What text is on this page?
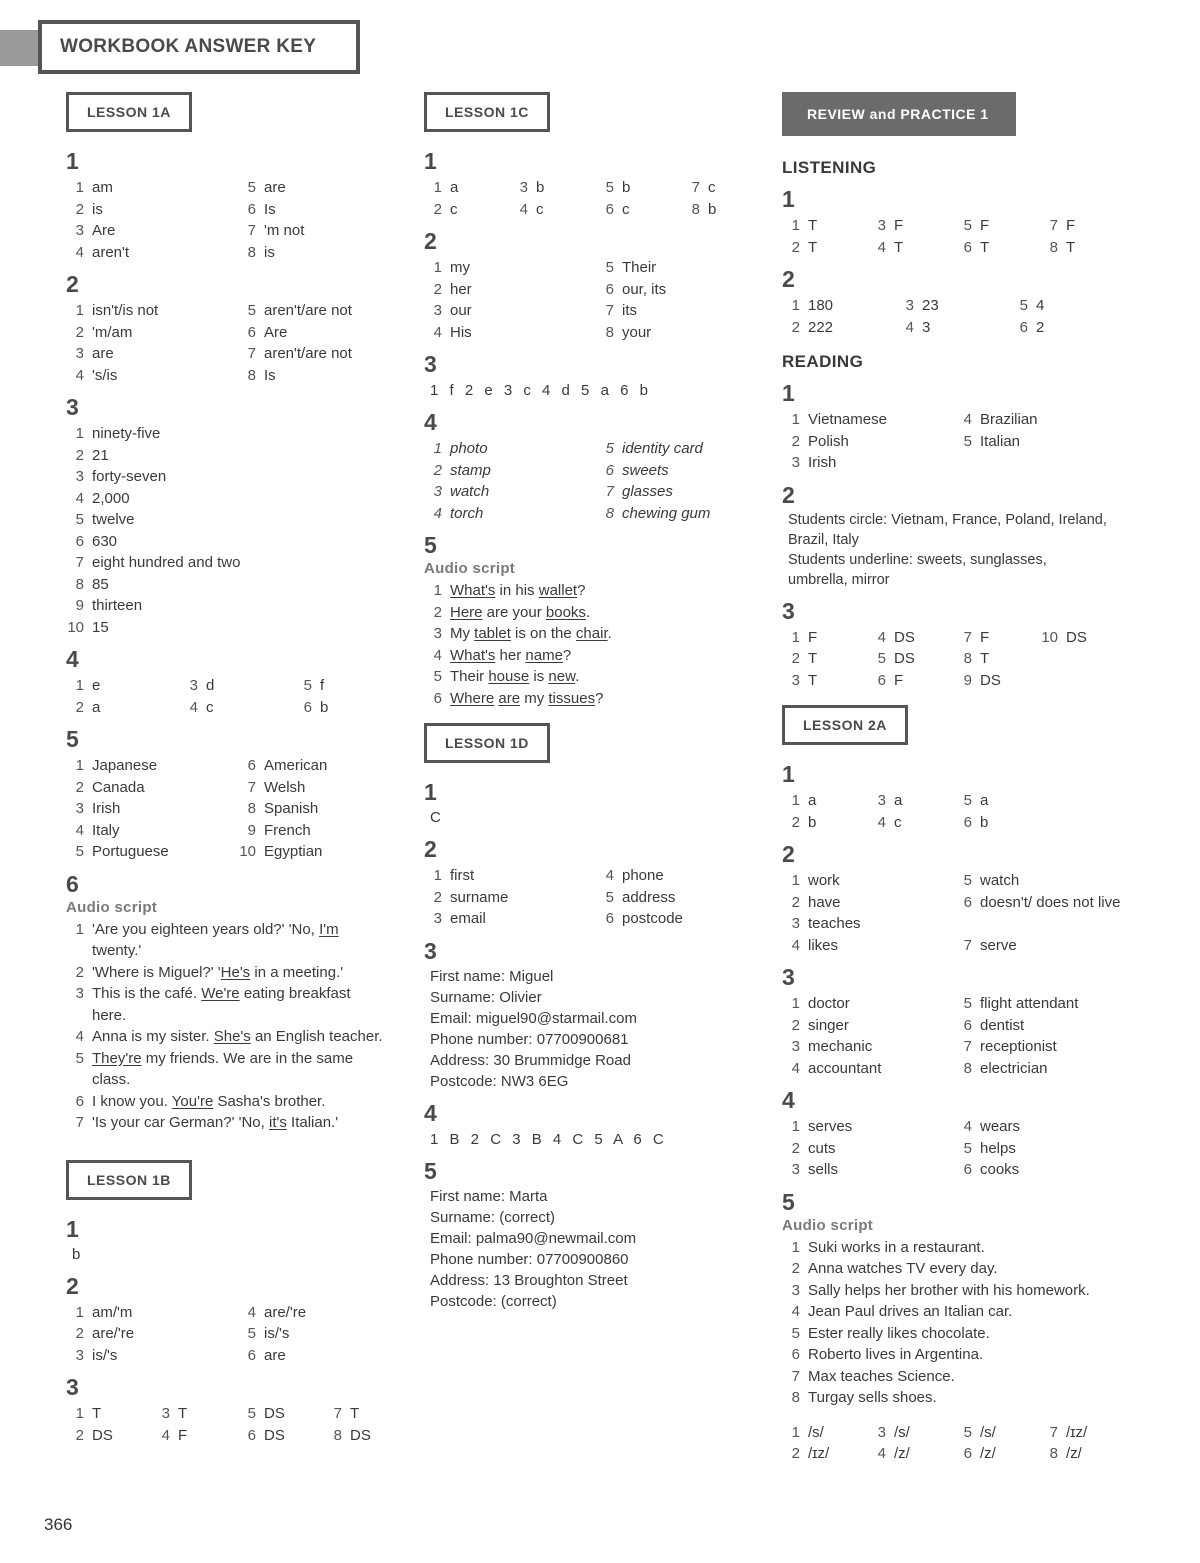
WORKBOOK ANSWER KEY
LESSON 1A
1
1 am	5 are
2 is	6 Is
3 Are	7 'm not
4 aren't	8 is
2
1 isn't/is not	5 aren't/are not
2 'm/am	6 Are
3 are	7 aren't/are not
4 's/is	8 Is
3
1 ninety-five
2 21
3 forty-seven
4 2,000
5 twelve
6 630
7 eight hundred and two
8 85
9 thirteen
10 15
4
1 e	3 d	5 f
2 a	4 c	6 b
5
1 Japanese	6 American
2 Canada	7 Welsh
3 Irish	8 Spanish
4 Italy	9 French
5 Portuguese	10 Egyptian
6
Audio script
1 'Are you eighteen years old?' 'No, I'm twenty.'
2 'Where is Miguel?' 'He's in a meeting.'
3 This is the café. We're eating breakfast here.
4 Anna is my sister. She's an English teacher.
5 They're my friends. We are in the same class.
6 I know you. You're Sasha's brother.
7 'Is your car German?' 'No, it's Italian.'
LESSON 1B
1
b
2
1 am/'m	4 are/'re
2 are/'re	5 is/'s
3 is/'s	6 are
3
1 T	3 T	5 DS	7 T
2 DS	4 F	6 DS	8 DS
LESSON 1C
1
1 a	3 b	5 b	7 c
2 c	4 c	6 c	8 b
2
1 my	5 Their
2 her	6 our, its
3 our	7 its
4 His	8 your
3
1 f 2 e 3 c 4 d 5 a 6 b
4
1 photo	5 identity card
2 stamp	6 sweets
3 watch	7 glasses
4 torch	8 chewing gum
5
Audio script
1 What's in his wallet?
2 Here are your books.
3 My tablet is on the chair.
4 What's her name?
5 Their house is new.
6 Where are my tissues?
LESSON 1D
1
C
2
1 first	4 phone
2 surname	5 address
3 email	6 postcode
3
First name: Miguel
Surname: Olivier
Email: miguel90@starmail.com
Phone number: 07700900681
Address: 30 Brummidge Road
Postcode: NW3 6EG
4
1 B 2 C 3 B 4 C 5 A 6 C
5
First name: Marta
Surname: (correct)
Email: palma90@newmail.com
Phone number: 07700900860
Address: 13 Broughton Street
Postcode: (correct)
REVIEW and PRACTICE 1
LISTENING
1
1 T	3 F	5 F	7 F
2 T	4 T	6 T	8 T
2
1 180	3 23	5 4
2 222	4 3	6 2
READING
1
1 Vietnamese	4 Brazilian
2 Polish	5 Italian
3 Irish
2
Students circle: Vietnam, France, Poland, Ireland, Brazil, Italy
Students underline: sweets, sunglasses, umbrella, mirror
3
1 F	4 DS	7 F	10 DS
2 T	5 DS	8 T
3 T	6 F	9 DS
LESSON 2A
1
1 a	3 a	5 a
2 b	4 c	6 b
2
1 work	5 watch
2 have	6 doesn't/ does not live
3 teaches
4 likes	7 serve
3
1 doctor	5 flight attendant
2 singer	6 dentist
3 mechanic	7 receptionist
4 accountant	8 electrician
4
1 serves	4 wears
2 cuts	5 helps
3 sells	6 cooks
5
Audio script
1 Suki works in a restaurant.
2 Anna watches TV every day.
3 Sally helps her brother with his homework.
4 Jean Paul drives an Italian car.
5 Ester really likes chocolate.
6 Roberto lives in Argentina.
7 Max teaches Science.
8 Turgay sells shoes.
1 /s/	3 /s/	5 /s/	7 /ɪz/
2 /ɪz/	4 /z/	6 /z/	8 /z/
366
